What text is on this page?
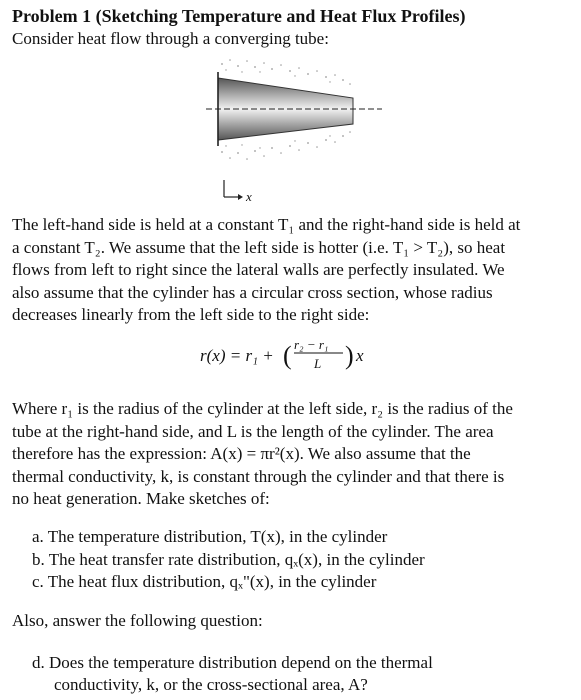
Problem 1 (Sketching Temperature and Heat Flux Profiles)
Consider heat flow through a converging tube:
x
The left-hand side is held at a constant T₁ and the right-hand side is held at
a constant T₂. We assume that the left side is hotter (i.e. T₁ > T₂), so heat
flows from left to right since the lateral walls are perfectly insulated. We
also assume that the cylinder has a circular cross section, whose radius
decreases linearly from the left side to the right side:
r(x) = r₁ + ( r₂ − r₁
L ) x
Where r₁ is the radius of the cylinder at the left side, r₂ is the radius of the
tube at the right-hand side, and L is the length of the cylinder. The area
therefore has the expression: A(x) = πr²(x). We also assume that the
thermal conductivity, k, is constant through the cylinder and that there is
no heat generation. Make sketches of:
a. The temperature distribution, T(x), in the cylinder
b. The heat transfer rate distribution, qₓ(x), in the cylinder
c. The heat flux distribution, qₓ"(x), in the cylinder
Also, answer the following question:
d. Does the temperature distribution depend on the thermal
conductivity, k, or the cross-sectional area, A?
